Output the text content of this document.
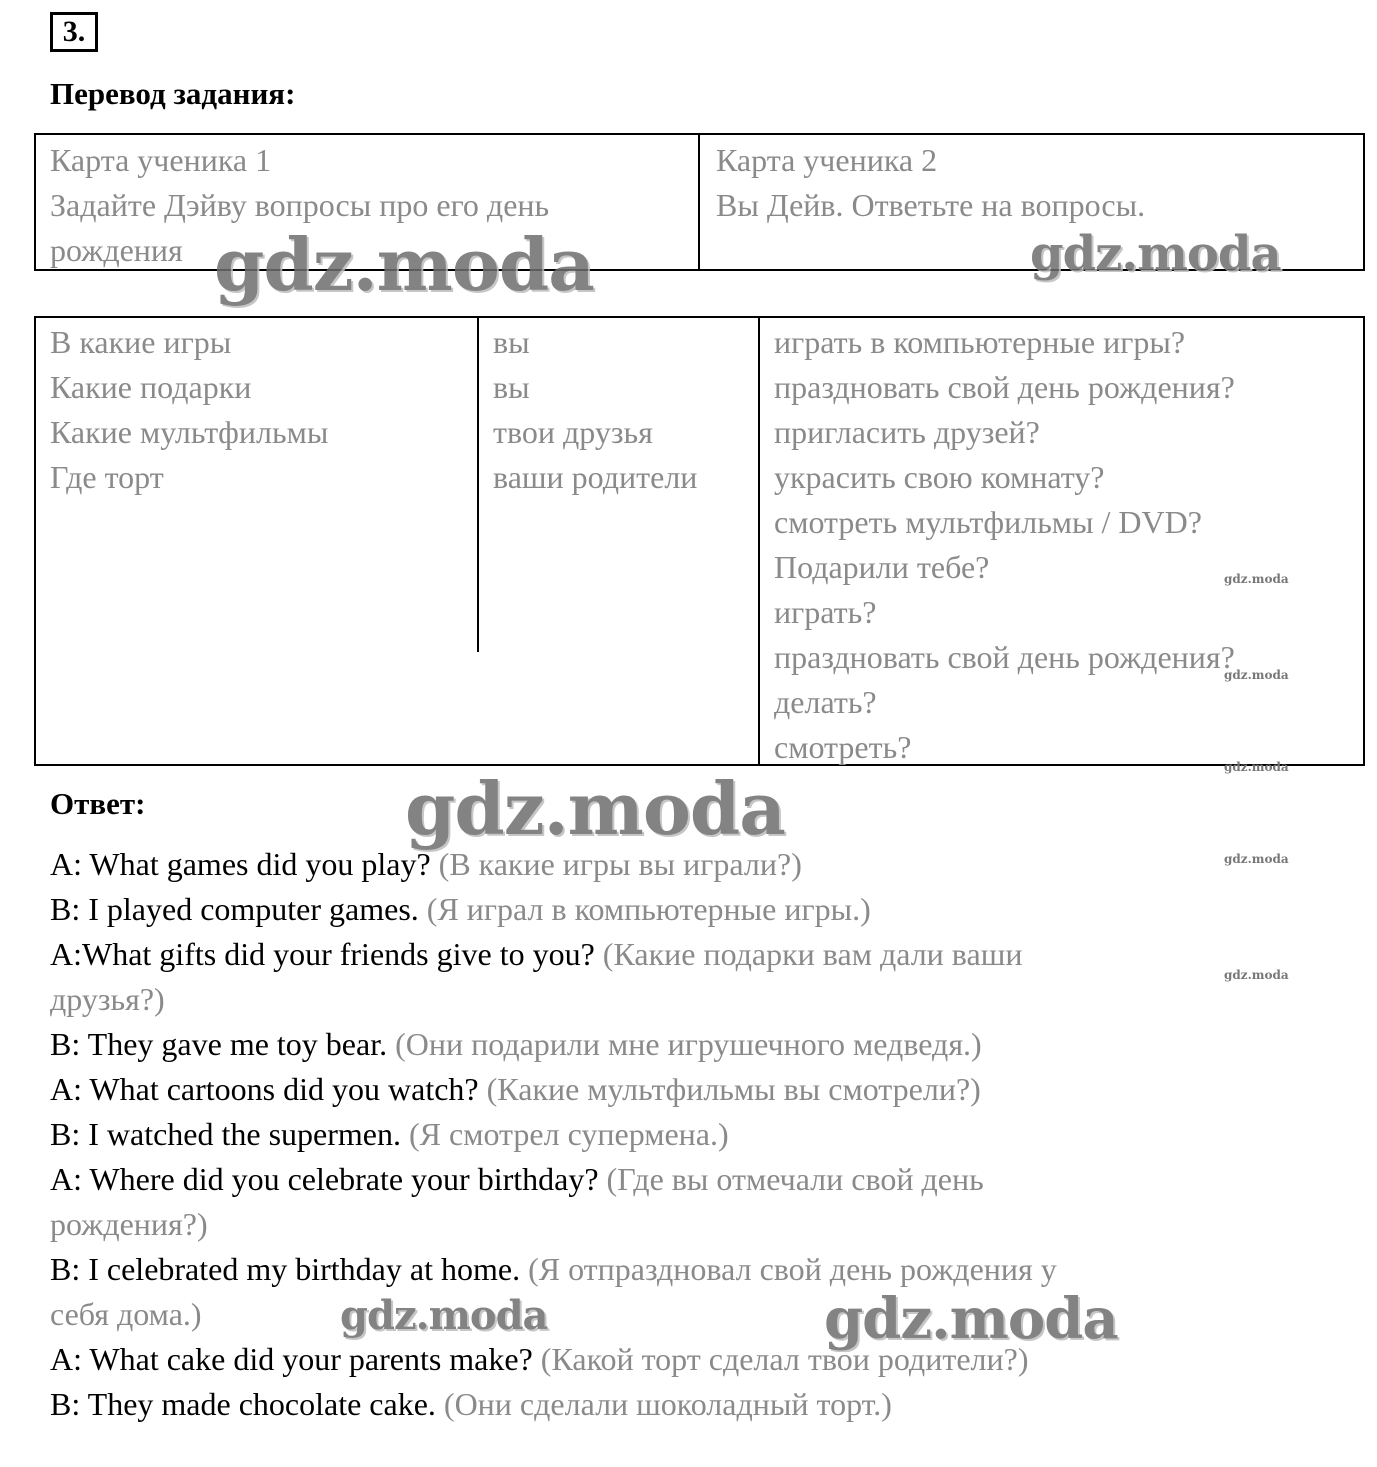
3.
Перевод задания:
Карта ученика 1
Задайте Дэйву вопросы про его день
рождения
Карта ученика 2
Вы Дейв. Ответьте на вопросы.
В какие игры
Какие подарки
Какие мультфильмы
Где торт
вы
вы
твои друзья
ваши родители
играть в компьютерные игры?
праздновать свой день рождения?
пригласить друзей?
украсить свою комнату?
смотреть мультфильмы / DVD?
Подарили тебе?
играть?
праздновать свой день рождения?
делать?
смотреть?
Ответ:
A: What games did you play? (В какие игры вы играли?)
B: I played computer games. (Я играл в компьютерные игры.)
A:What gifts did your friends give to you? (Какие подарки вам дали ваши
друзья?)
B: They gave me toy bear. (Они подарили мне игрушечного медведя.)
A: What cartoons did you watch? (Какие мультфильмы вы смотрели?)
B: I watched the supermen. (Я смотрел супермена.)
A: Where did you celebrate your birthday? (Где вы отмечали свой день
рождения?)
B: I celebrated my birthday at home. (Я отпраздновал свой день рождения у
себя дома.)
A: What cake did your parents make? (Какой торт сделал твои родители?)
B: They made chocolate cake. (Они сделали шоколадный торт.)
gdz.moda	gdz.moda
gdz.moda
gdz.moda	gdz.moda
gdz.moda
gdz.moda
gdz.moda
gdz.moda
gdz.moda
